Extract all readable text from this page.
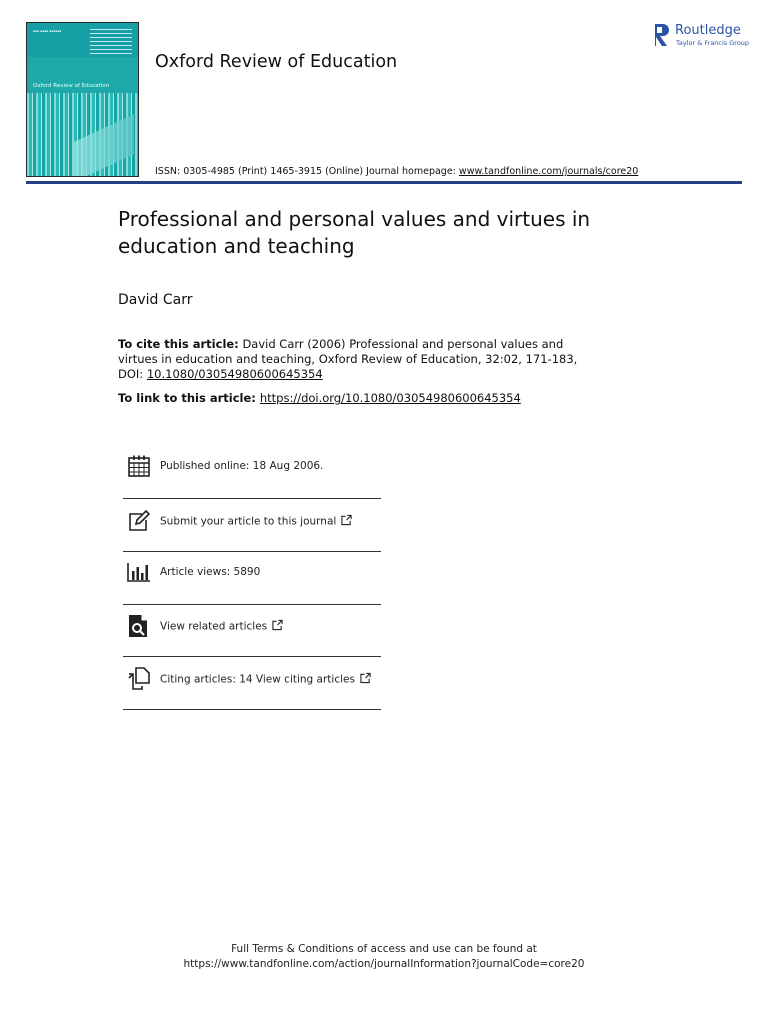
▪▪▪ ▪▪▪▪ ▪▪▪▪▪▪
Oxford Review of Education
Oxford Review of Education
Routledge
Taylor & Francis Group
ISSN: 0305-4985 (Print) 1465-3915 (Online) Journal homepage: www.tandfonline.com/journals/core20
Professional and personal values and virtues in education and teaching
David Carr
To cite this article: David Carr (2006) Professional and personal values and virtues in education and teaching, Oxford Review of Education, 32:02, 171-183, DOI: 10.1080/03054980600645354
To link to this article: https://doi.org/10.1080/03054980600645354
Published online: 18 Aug 2006.
Submit your article to this journal
Article views: 5890
View related articles
Citing articles: 14 View citing articles
Full Terms & Conditions of access and use can be found at
https://www.tandfonline.com/action/journalInformation?journalCode=core20
